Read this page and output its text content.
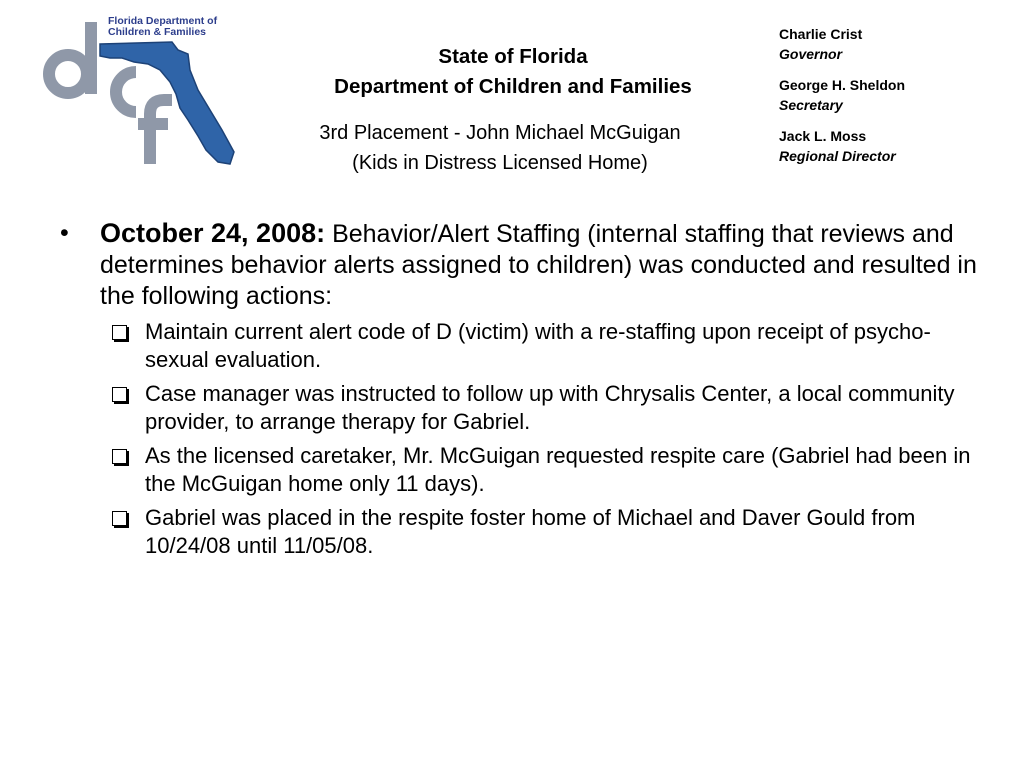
Florida Department of
Children & Families
State of Florida
Department of Children and Families
3rd Placement - John Michael McGuigan
(Kids in Distress Licensed Home)
Charlie Crist
Governor
George H. Sheldon
Secretary
Jack L. Moss
Regional Director
• October 24, 2008: Behavior/Alert Staffing (internal staffing that reviews and determines behavior alerts assigned to children) was conducted and resulted in the following actions:
Maintain current alert code of D (victim) with a re-staffing upon receipt of psycho-sexual evaluation.
Case manager was instructed to follow up with Chrysalis Center, a local community provider, to arrange therapy for Gabriel.
As the licensed caretaker, Mr. McGuigan requested respite care (Gabriel had been in the McGuigan home only 11 days).
Gabriel was placed in the respite foster home of Michael and Daver Gould from 10/24/08 until 11/05/08.
